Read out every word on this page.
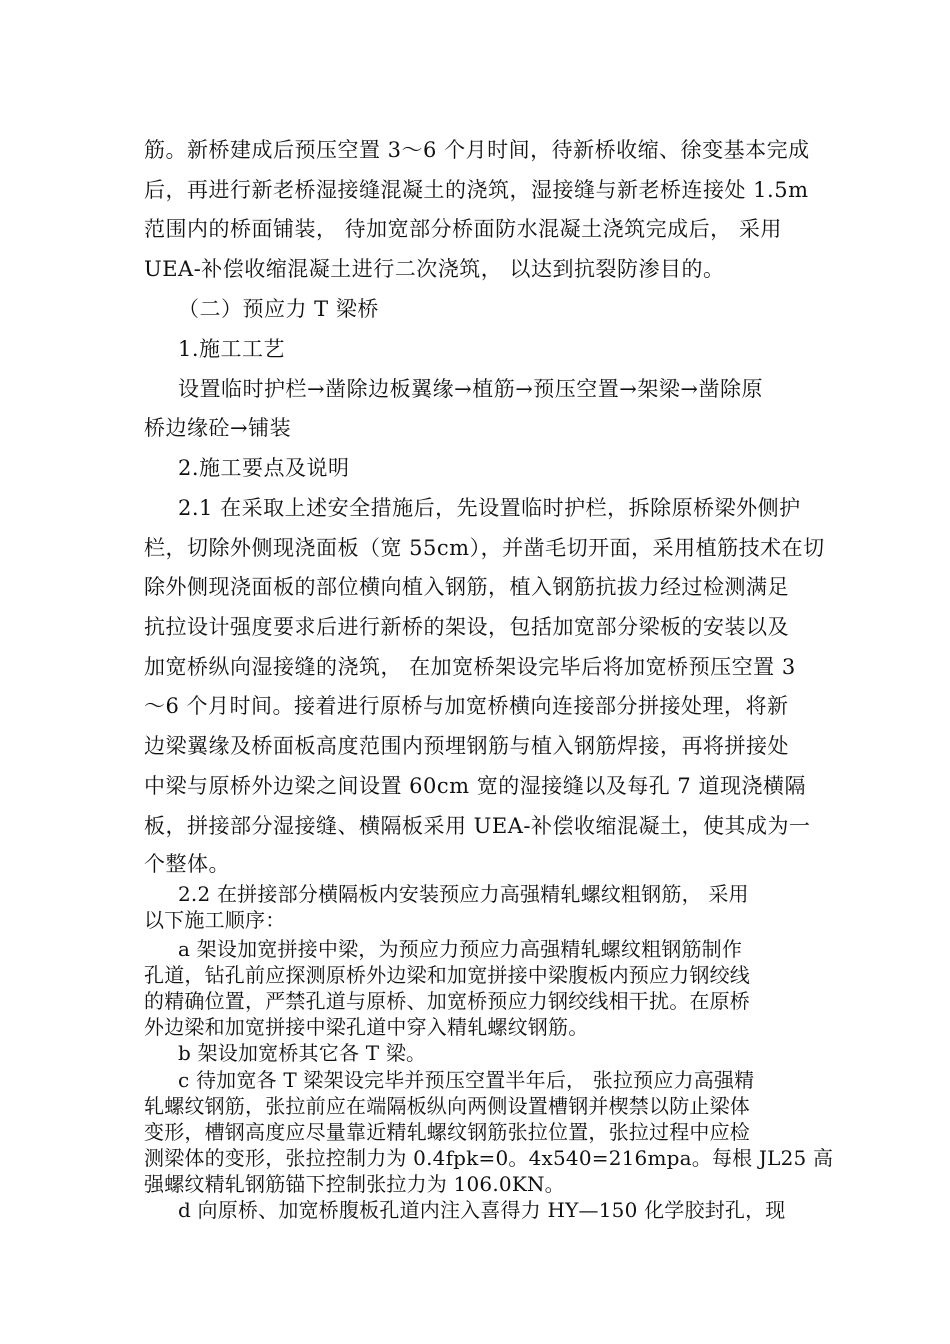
筋。新桥建成后预压空置 3～6 个月时间，待新桥收缩、徐变基本完成
后，再进行新老桥湿接缝混凝土的浇筑，湿接缝与新老桥连接处 1.5m
范围内的桥面铺装， 待加宽部分桥面防水混凝土浇筑完成后， 采用
UEA-补偿收缩混凝土进行二次浇筑， 以达到抗裂防渗目的。
（二）预应力 T 梁桥
1.施工工艺
设置临时护栏→凿除边板翼缘→植筋→预压空置→架梁→凿除原
桥边缘砼→铺装
2.施工要点及说明
2.1 在采取上述安全措施后，先设置临时护栏，拆除原桥梁外侧护
栏，切除外侧现浇面板（宽 55cm），并凿毛切开面，采用植筋技术在切
除外侧现浇面板的部位横向植入钢筋，植入钢筋抗拔力经过检测满足
抗拉设计强度要求后进行新桥的架设，包括加宽部分梁板的安装以及
加宽桥纵向湿接缝的浇筑， 在加宽桥架设完毕后将加宽桥预压空置 3
～6 个月时间。接着进行原桥与加宽桥横向连接部分拼接处理，将新
边梁翼缘及桥面板高度范围内预埋钢筋与植入钢筋焊接，再将拼接处
中梁与原桥外边梁之间设置 60cm 宽的湿接缝以及每孔 7 道现浇横隔
板，拼接部分湿接缝、横隔板采用 UEA-补偿收缩混凝土，使其成为一
个整体。
2.2 在拼接部分横隔板内安装预应力高强精轧螺纹粗钢筋， 采用
以下施工顺序：
a 架设加宽拼接中梁，为预应力预应力高强精轧螺纹粗钢筋制作
孔道，钻孔前应探测原桥外边梁和加宽拼接中梁腹板内预应力钢绞线
的精确位置，严禁孔道与原桥、加宽桥预应力钢绞线相干扰。在原桥
外边梁和加宽拼接中梁孔道中穿入精轧螺纹钢筋。
b 架设加宽桥其它各 T 梁。
c 待加宽各 T 梁架设完毕并预压空置半年后， 张拉预应力高强精
轧螺纹钢筋，张拉前应在端隔板纵向两侧设置槽钢并楔禁以防止梁体
变形，槽钢高度应尽量靠近精轧螺纹钢筋张拉位置，张拉过程中应检
测梁体的变形，张拉控制力为 0.4fpk=0。4x540=216mpa。每根 JL25 高
强螺纹精轧钢筋锚下控制张拉力为 106.0KN。
d 向原桥、加宽桥腹板孔道内注入喜得力 HY—150 化学胶封孔，现
